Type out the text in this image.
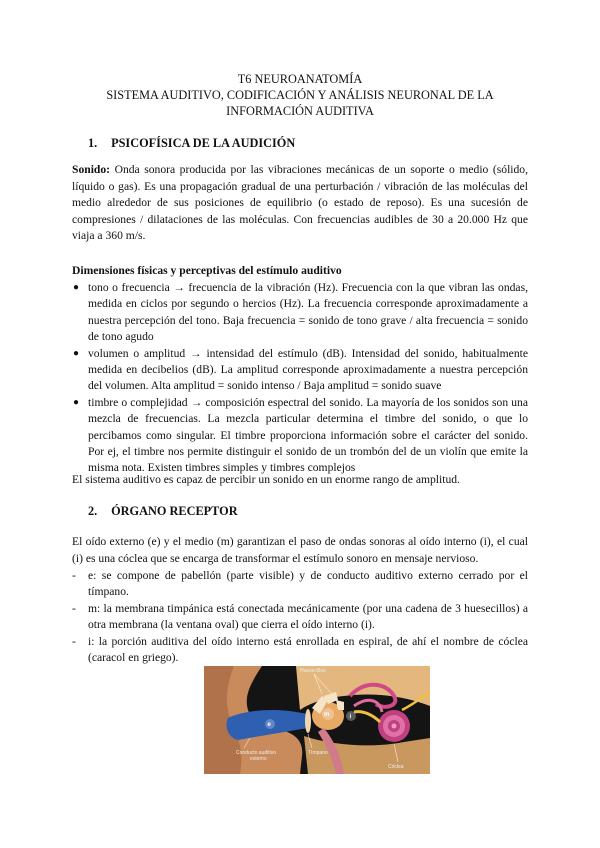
T6 NEUROANATOMÍA
SISTEMA AUDITIVO, CODIFICACIÓN Y ANÁLISIS NEURONAL DE LA
INFORMACIÓN AUDITIVA
1. PSICOFÍSICA DE LA AUDICIÓN
Sonido: Onda sonora producida por las vibraciones mecánicas de un soporte o medio (sólido, líquido o gas). Es una propagación gradual de una perturbación / vibración de las moléculas del medio alrededor de sus posiciones de equilibrio (o estado de reposo). Es una sucesión de compresiones / dilataciones de las moléculas. Con frecuencias audibles de 30 a 20.000 Hz que viaja a 360 m/s.
Dimensiones físicas y perceptivas del estímulo auditivo
● tono o frecuencia → frecuencia de la vibración (Hz). Frecuencia con la que vibran las ondas, medida en ciclos por segundo o hercios (Hz). La frecuencia corresponde aproximadamente a nuestra percepción del tono. Baja frecuencia = sonido de tono grave / alta frecuencia = sonido de tono agudo
● volumen o amplitud → intensidad del estímulo (dB). Intensidad del sonido, habitualmente medida en decibelios (dB). La amplitud corresponde aproximadamente a nuestra percepción del volumen. Alta amplitud = sonido intenso / Baja amplitud = sonido suave
● timbre o complejidad → composición espectral del sonido. La mayoría de los sonidos son una mezcla de frecuencias. La mezcla particular determina el timbre del sonido, o que lo percibamos como singular. El timbre proporciona información sobre el carácter del sonido. Por ej, el timbre nos permite distinguir el sonido de un trombón del de un violín que emite la misma nota. Existen timbres simples y timbres complejos
El sistema auditivo es capaz de percibir un sonido en un enorme rango de amplitud.
2. ÓRGANO RECEPTOR
El oído externo (e) y el medio (m) garantizan el paso de ondas sonoras al oído interno (i), el cual (i) es una cóclea que se encarga de transformar el estímulo sonoro en mensaje nervioso.
- e: se compone de pabellón (parte visible) y de conducto auditivo externo cerrado por el tímpano.
- m: la membrana timpánica está conectada mecánicamente (por una cadena de 3 huesecillos) a otra membrana (la ventana oval) que cierra el oído interno (i).
- i: la porción auditiva del oído interno está enrollada en espiral, de ahí el nombre de cóclea (caracol en griego).
e
m	i
Huesecillos
Conducto auditivo
externo
Tímpano
Cóclea
